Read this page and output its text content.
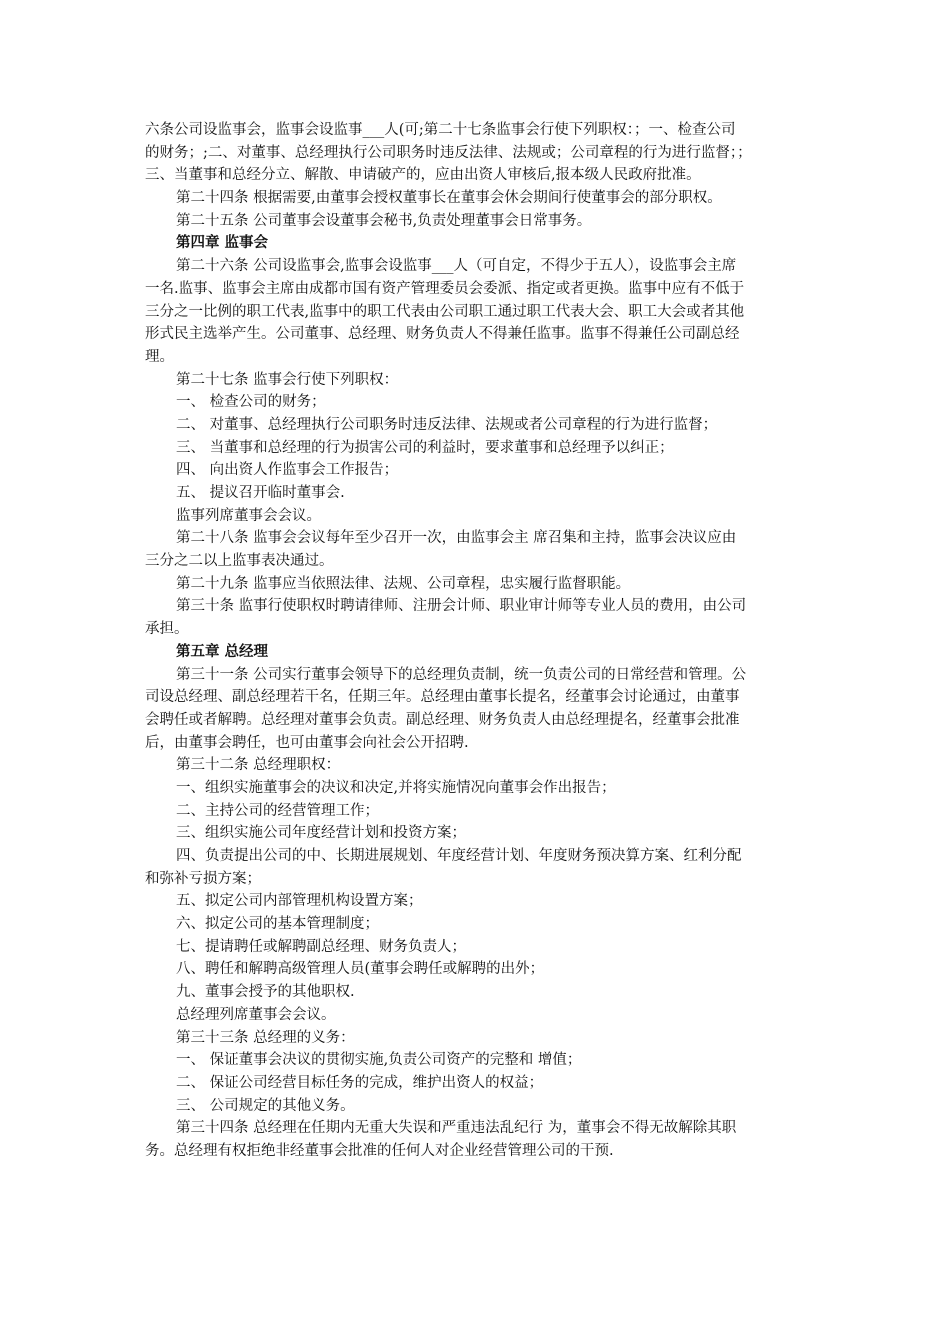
六条公司设监事会，监事会设监事___人(可;第二十七条监事会行使下列职权：；一、检查公司
的财务；;二、对董事、总经理执行公司职务时违反法律、法规或；公司章程的行为进行监督；；
三、当董事和总经分立、解散、申请破产的，应由出资人审核后,报本级人民政府批准。
第二十四条 根据需要,由董事会授权董事长在董事会休会期间行使董事会的部分职权。
第二十五条 公司董事会设董事会秘书,负责处理董事会日常事务。
第四章 监事会
第二十六条 公司设监事会,监事会设监事___人（可自定，不得少于五人），设监事会主席
一名.监事、监事会主席由成都市国有资产管理委员会委派、指定或者更换。监事中应有不低于
三分之一比例的职工代表,监事中的职工代表由公司职工通过职工代表大会、职工大会或者其他
形式民主选举产生。公司董事、总经理、财务负责人不得兼任监事。监事不得兼任公司副总经
理。
第二十七条 监事会行使下列职权：
一、 检查公司的财务；
二、 对董事、总经理执行公司职务时违反法律、法规或者公司章程的行为进行监督；
三、 当董事和总经理的行为损害公司的利益时，要求董事和总经理予以纠正；
四、 向出资人作监事会工作报告；
五、 提议召开临时董事会.
监事列席董事会会议。
第二十八条 监事会会议每年至少召开一次，由监事会主 席召集和主持，监事会决议应由
三分之二以上监事表决通过。
第二十九条 监事应当依照法律、法规、公司章程，忠实履行监督职能。
第三十条 监事行使职权时聘请律师、注册会计师、职业审计师等专业人员的费用，由公司
承担。
第五章 总经理
第三十一条 公司实行董事会领导下的总经理负责制，统一负责公司的日常经营和管理。公
司设总经理、副总经理若干名，任期三年。总经理由董事长提名，经董事会讨论通过，由董事
会聘任或者解聘。总经理对董事会负责。副总经理、财务负责人由总经理提名，经董事会批准
后，由董事会聘任，也可由董事会向社会公开招聘.
第三十二条 总经理职权：
一、组织实施董事会的决议和决定,并将实施情况向董事会作出报告；
二、主持公司的经营管理工作；
三、组织实施公司年度经营计划和投资方案；
四、负责提出公司的中、长期进展规划、年度经营计划、年度财务预决算方案、红利分配
和弥补亏损方案；
五、拟定公司内部管理机构设置方案；
六、拟定公司的基本管理制度；
七、提请聘任或解聘副总经理、财务负责人；
八、聘任和解聘高级管理人员(董事会聘任或解聘的出外；
九、董事会授予的其他职权.
总经理列席董事会会议。
第三十三条 总经理的义务：
一、 保证董事会决议的贯彻实施,负责公司资产的完整和 增值；
二、 保证公司经营目标任务的完成，维护出资人的权益；
三、 公司规定的其他义务。
第三十四条 总经理在任期内无重大失误和严重违法乱纪行 为，董事会不得无故解除其职
务。总经理有权拒绝非经董事会批准的任何人对企业经营管理公司的干预.
